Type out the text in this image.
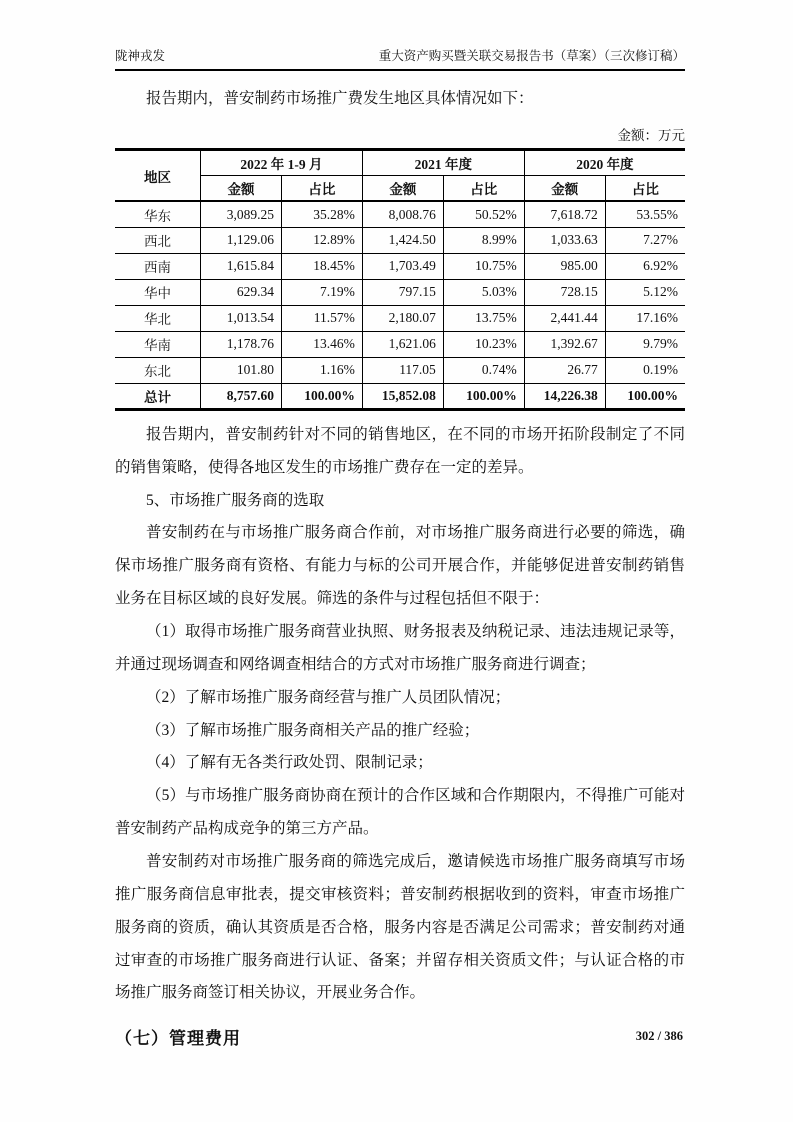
陇神戎发	重大资产购买暨关联交易报告书（草案）（三次修订稿）

报告期内，普安制药市场推广费发生地区具体情况如下：

金额：万元
地区	2022 年 1-9 月		2021 年度		2020 年度	
	金额	占比	金额	占比	金额	占比
华东	3,089.25	35.28%	8,008.76	50.52%	7,618.72	53.55%
西北	1,129.06	12.89%	1,424.50	8.99%	1,033.63	7.27%
西南	1,615.84	18.45%	1,703.49	10.75%	985.00	6.92%
华中	629.34	7.19%	797.15	5.03%	728.15	5.12%
华北	1,013.54	11.57%	2,180.07	13.75%	2,441.44	17.16%
华南	1,178.76	13.46%	1,621.06	10.23%	1,392.67	9.79%
东北	101.80	1.16%	117.05	0.74%	26.77	0.19%
总计	8,757.60	100.00%	15,852.08	100.00%	14,226.38	100.00%

报告期内，普安制药针对不同的销售地区，在不同的市场开拓阶段制定了不同的销售策略，使得各地区发生的市场推广费存在一定的差异。

5、市场推广服务商的选取

普安制药在与市场推广服务商合作前，对市场推广服务商进行必要的筛选，确保市场推广服务商有资格、有能力与标的公司开展合作，并能够促进普安制药销售业务在目标区域的良好发展。筛选的条件与过程包括但不限于：

（1）取得市场推广服务商营业执照、财务报表及纳税记录、违法违规记录等，并通过现场调查和网络调查相结合的方式对市场推广服务商进行调查；

（2）了解市场推广服务商经营与推广人员团队情况；

（3）了解市场推广服务商相关产品的推广经验；

（4）了解有无各类行政处罚、限制记录；

（5）与市场推广服务商协商在预计的合作区域和合作期限内，不得推广可能对普安制药产品构成竞争的第三方产品。

普安制药对市场推广服务商的筛选完成后，邀请候选市场推广服务商填写市场推广服务商信息审批表，提交审核资料；普安制药根据收到的资料，审查市场推广服务商的资质，确认其资质是否合格，服务内容是否满足公司需求；普安制药对通过审查的市场推广服务商进行认证、备案；并留存相关资质文件；与认证合格的市场推广服务商签订相关协议，开展业务合作。

（七）管理费用	302 / 386
